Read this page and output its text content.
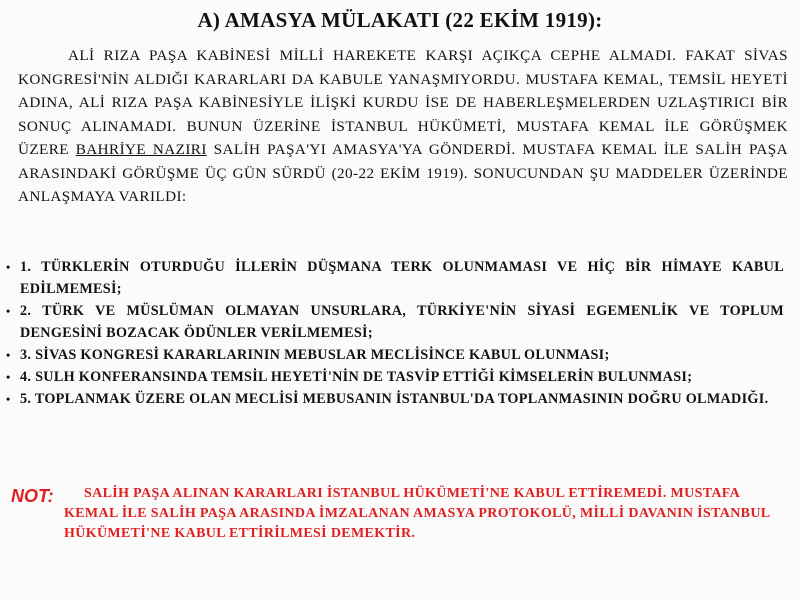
A) AMASYA MÜLAKATI (22 EKİM 1919):
ALİ RIZA PAŞA KABİNESİ MİLLİ HAREKETE KARŞI AÇIKÇA CEPHE ALMADI. FAKAT SİVAS KONGRESİ'NİN ALDIĞI KARARLARI DA KABULE YANAŞMIYORDU. MUSTAFA KEMAL, TEMSİL HEYETİ ADINA, ALİ RIZA PAŞA KABİNESİYLE İLİŞKİ KURDU İSE DE HABERLEŞMELERDEN UZLAŞTIRICI BİR SONUÇ ALINAMADI. BUNUN ÜZERİNE İSTANBUL HÜKÜMETİ, MUSTAFA KEMAL İLE GÖRÜŞMEK ÜZERE BAHRİYE NAZIRI SALİH PAŞA'YI AMASYA'YA GÖNDERDİ. MUSTAFA KEMAL İLE SALİH PAŞA ARASINDAKİ GÖRÜŞME ÜÇ GÜN SÜRDÜ (20-22 EKİM 1919). SONUCUNDAN ŞU MADDELER ÜZERİNDE ANLAŞMAYA VARILDI:
• 1. TÜRKLERİN OTURDUĞU İLLERİN DÜŞMANA TERK OLUNMAMASI VE HİÇ BİR HİMAYE KABUL EDİLMEMESİ;
• 2. TÜRK VE MÜSLÜMAN OLMAYAN UNSURLARA, TÜRKİYE'NİN SİYASİ EGEMENLİK VE TOPLUM DENGESİNİ BOZACAK ÖDÜNLER VERİLMEMESİ;
• 3. SİVAS KONGRESİ KARARLARININ MEBUSLAR MECLİSİNCE KABUL OLUNMASI;
• 4. SULH KONFERANSINDA TEMSİL HEYETİ'NİN DE TASVİP ETTİĞİ KİMSELERİN BULUNMASI;
• 5. TOPLANMAK ÜZERE OLAN MECLİSİ MEBUSANIN İSTANBUL'DA TOPLANMASININ DOĞRU OLMADIĞI.
NOT:	SALİH PAŞA ALINAN KARARLARI İSTANBUL HÜKÜMETİ'NE KABUL ETTİREMEDİ. MUSTAFA KEMAL İLE SALİH PAŞA ARASINDA İMZALANAN AMASYA PROTOKOLÜ, MİLLİ DAVANIN İSTANBUL HÜKÜMETİ'NE KABUL ETTİRİLMESİ DEMEKTİR.
